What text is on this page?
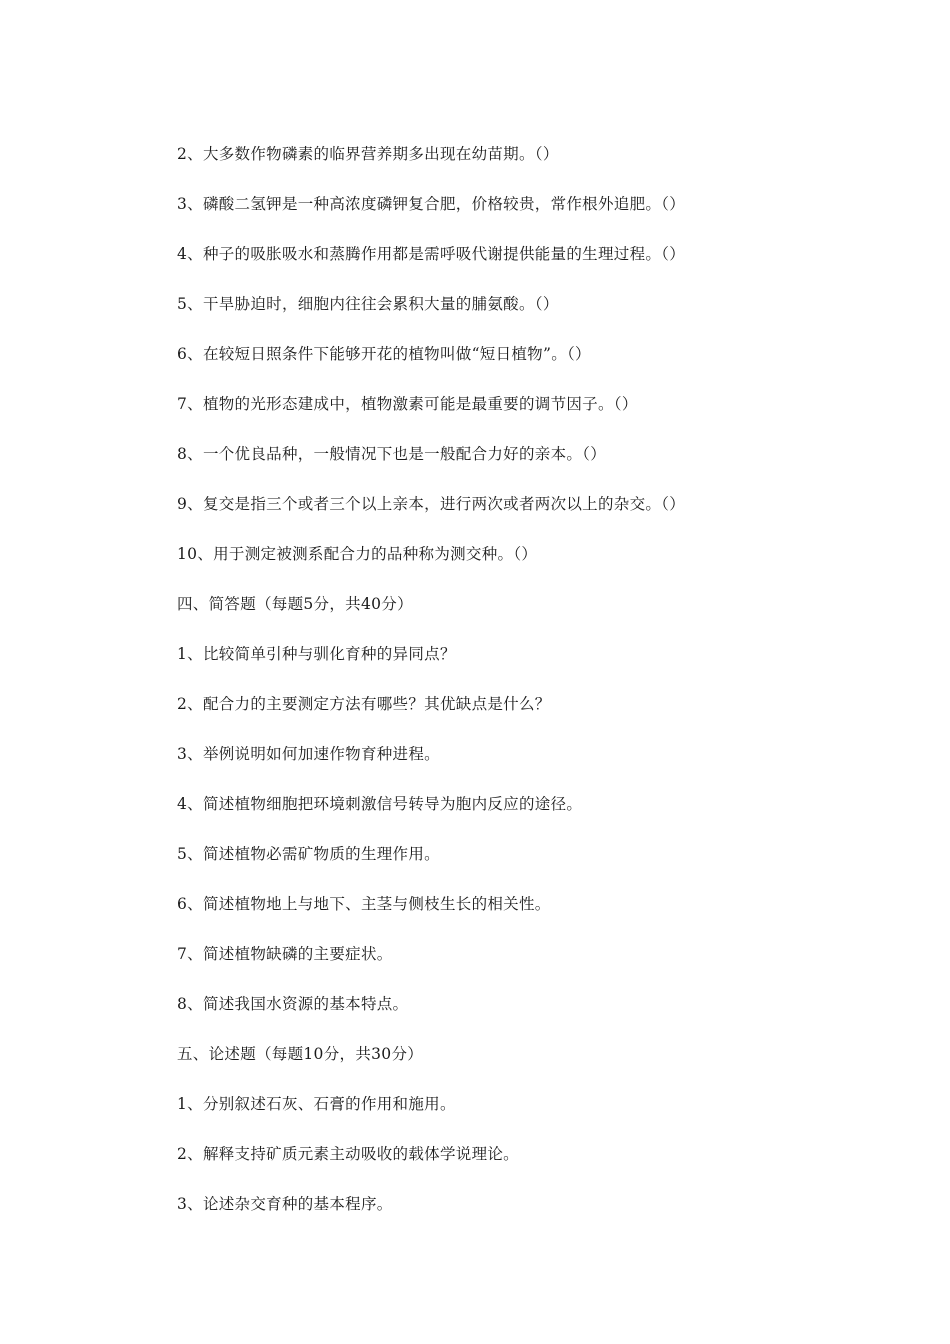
2、大多数作物磷素的临界营养期多出现在幼苗期。（）
3、磷酸二氢钾是一种高浓度磷钾复合肥，价格较贵，常作根外追肥。（）
4、种子的吸胀吸水和蒸腾作用都是需呼吸代谢提供能量的生理过程。（）
5、干旱胁迫时，细胞内往往会累积大量的脯氨酸。（）
6、在较短日照条件下能够开花的植物叫做“短日植物”。（）
7、植物的光形态建成中，植物激素可能是最重要的调节因子。（）
8、一个优良品种，一般情况下也是一般配合力好的亲本。（）
9、复交是指三个或者三个以上亲本，进行两次或者两次以上的杂交。（）
10、用于测定被测系配合力的品种称为测交种。（）
四、简答题（每题5分，共40分）
1、比较简单引种与驯化育种的异同点？
2、配合力的主要测定方法有哪些？其优缺点是什么？
3、举例说明如何加速作物育种进程。
4、简述植物细胞把环境刺激信号转导为胞内反应的途径。
5、简述植物必需矿物质的生理作用。
6、简述植物地上与地下、主茎与侧枝生长的相关性。
7、简述植物缺磷的主要症状。
8、简述我国水资源的基本特点。
五、论述题（每题10分，共30分）
1、分别叙述石灰、石膏的作用和施用。
2、解释支持矿质元素主动吸收的载体学说理论。
3、论述杂交育种的基本程序。
